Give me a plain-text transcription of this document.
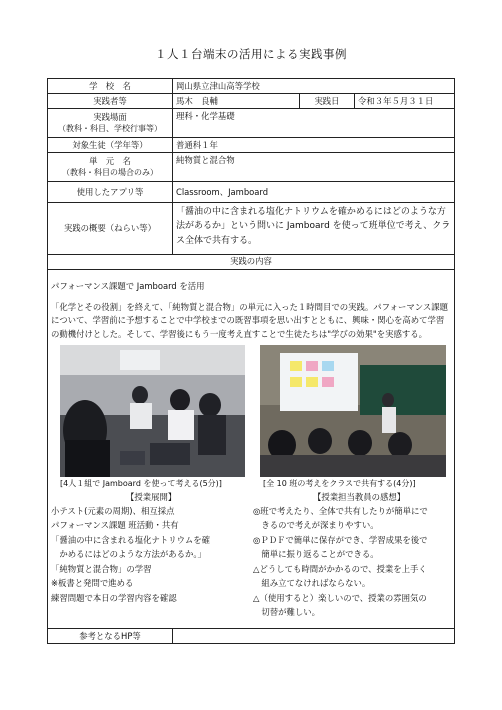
１人１台端末の活用による実践事例
学　校　名	岡山県立津山高等学校
実践者等	馬木　良輔	実践日	令和３年５月３１日
実践場面
（教科・科目、学校行事等）
理科・化学基礎
対象生徒（学年等）	普通科１年
単　元　名
（教科・科目の場合のみ）
純物質と混合物
使用したアプリ等	Classroom、Jamboard
実践の概要（ねらい等）
「醤油の中に含まれる塩化ナトリウムを確かめるにはどのような方法があるか」という問いに Jamboard を使って班単位で考え、クラス全体で共有する。
実践の内容

パフォーマンス課題で Jamboard を活用

「化学とその役割」を終えて、「純物質と混合物」の単元に入った１時間目での実践。パフォーマンス課題について、学習前に予想することで中学校までの既習事項を思い出すとともに、興味・関心を高めて学習の動機付けとした。そして、学習後にもう一度考え直すことで生徒たちは"学びの効果"を実感する。

[4人１組で Jamboard を使って考える(5分)]	[全 10 班の考えをクラスで共有する(4分)]
【授業展開】
小テスト(元素の周期)、相互採点
パフォーマンス課題 班活動・共有
「醤油の中に含まれる塩化ナトリウムを確
　かめるにはどのような方法があるか。」
「純物質と混合物」の学習
※板書と発問で進める
練習問題で本日の学習内容を確認
【授業担当教員の感想】
◎班で考えたり、全体で共有したりが簡単にで
　きるので考えが深まりやすい。
◎ＰＤＦで簡単に保存ができ、学習成果を後で
　簡単に振り返ることができる。
△どうしても時間がかかるので、授業を上手く
　組み立てなければならない。
△（使用すると）楽しいので、授業の雰囲気の
　切替が難しい。
参考となるHP等
